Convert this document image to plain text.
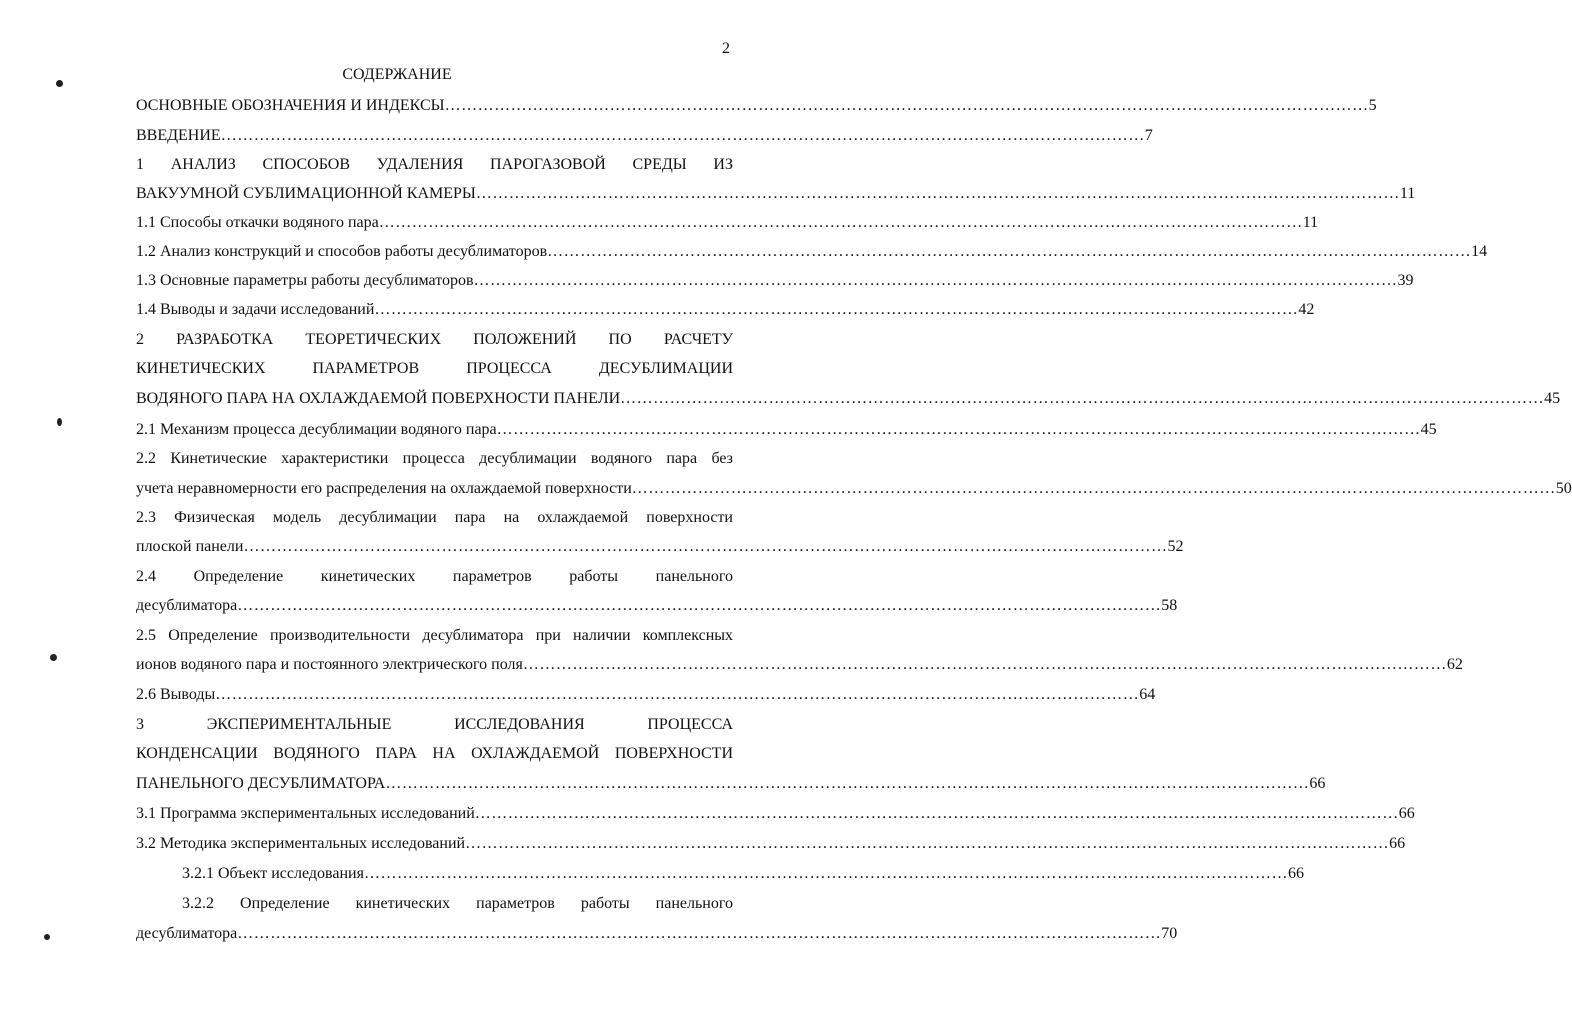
2
СОДЕРЖАНИЕ
ОСНОВНЫЕ ОБОЗНАЧЕНИЯ И ИНДЕКСЫ …………………………………………………………………………………………………………………………………………………… 5
ВВЕДЕНИЕ …………………………………………………………………………………………………………………………………………………… 7
1 АНАЛИЗ СПОСОБОВ УДАЛЕНИЯ ПАРОГАЗОВОЙ СРЕДЫ ИЗ
ВАКУУМНОЙ СУБЛИМАЦИОННОЙ КАМЕРЫ …………………………………………………………………………………………………………………………………………………… 11
1.1 Способы откачки водяного пара …………………………………………………………………………………………………………………………………………………… 11
1.2 Анализ конструкций и способов работы десублиматоров …………………………………………………………………………………………………………………………………………………… 14
1.3 Основные параметры работы десублиматоров …………………………………………………………………………………………………………………………………………………… 39
1.4 Выводы и задачи исследований …………………………………………………………………………………………………………………………………………………… 42
2 РАЗРАБОТКА ТЕОРЕТИЧЕСКИХ ПОЛОЖЕНИЙ ПО РАСЧЕТУ
КИНЕТИЧЕСКИХ ПАРАМЕТРОВ ПРОЦЕССА ДЕСУБЛИМАЦИИ
ВОДЯНОГО ПАРА НА ОХЛАЖДАЕМОЙ ПОВЕРХНОСТИ ПАНЕЛИ …………………………………………………………………………………………………………………………………………………… 45
2.1 Механизм процесса десублимации водяного пара …………………………………………………………………………………………………………………………………………………… 45
2.2 Кинетические характеристики процесса десублимации водяного пара без
учета неравномерности его распределения на охлаждаемой поверхности …………………………………………………………………………………………………………………………………………………… 50
2.3 Физическая модель десублимации пара на охлаждаемой поверхности
плоской панели …………………………………………………………………………………………………………………………………………………… 52
2.4 Определение кинетических параметров работы панельного
десублиматора …………………………………………………………………………………………………………………………………………………… 58
2.5 Определение производительности десублиматора при наличии комплексных
ионов водяного пара и постоянного электрического поля …………………………………………………………………………………………………………………………………………………… 62
2.6 Выводы …………………………………………………………………………………………………………………………………………………… 64
3 ЭКСПЕРИМЕНТАЛЬНЫЕ ИССЛЕДОВАНИЯ ПРОЦЕССА
КОНДЕНСАЦИИ ВОДЯНОГО ПАРА НА ОХЛАЖДАЕМОЙ ПОВЕРХНОСТИ
ПАНЕЛЬНОГО ДЕСУБЛИМАТОРА …………………………………………………………………………………………………………………………………………………… 66
3.1 Программа экспериментальных исследований …………………………………………………………………………………………………………………………………………………… 66
3.2 Методика экспериментальных исследований …………………………………………………………………………………………………………………………………………………… 66
3.2.1 Объект исследования …………………………………………………………………………………………………………………………………………………… 66
3.2.2 Определение кинетических параметров работы панельного
десублиматора …………………………………………………………………………………………………………………………………………………… 70
